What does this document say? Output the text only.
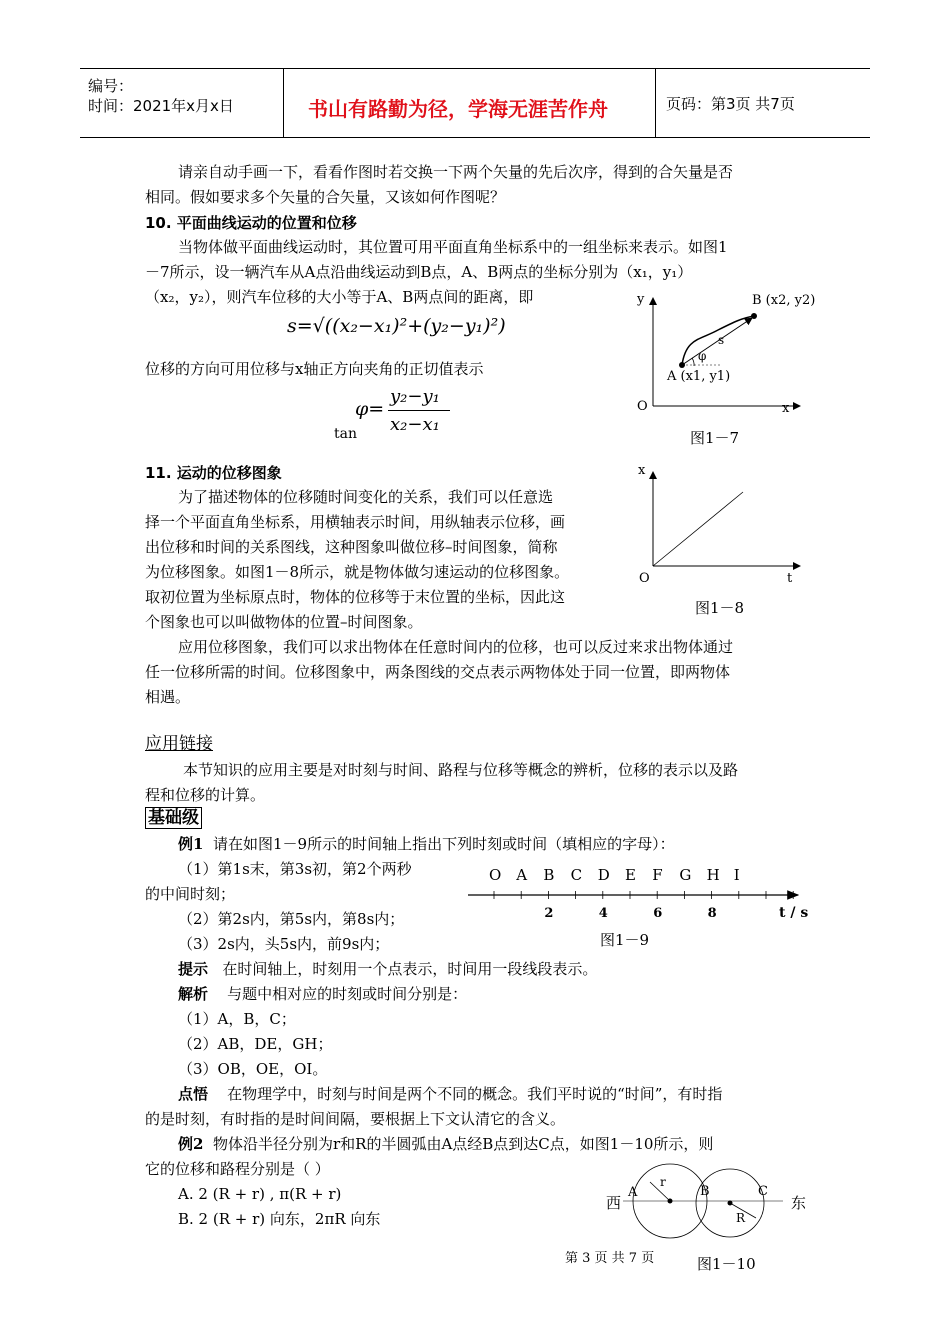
编号：
时间：2021年x月x日	书山有路勤为径，学海无涯苦作舟	页码：第3页 共7页
请亲自动手画一下，看看作图时若交换一下两个矢量的先后次序，得到的合矢量是否
相同。假如要求多个矢量的合矢量，又该如何作图呢？
10. 平面曲线运动的位置和位移
当物体做平面曲线运动时，其位置可用平面直角坐标系中的一组坐标来表示。如图1
－7所示，设一辆汽车从A点沿曲线运动到B点，A、B两点的坐标分别为（x₁，y₁）
（x₂，y₂），则汽车位移的大小等于A、B两点间的距离，即
s=√((x₂−x₁)²+(y₂−y₁)²)
位移的方向可用位移与x轴正方向夹角的正切值表示
tan
φ=
y₂−y₁
x₂−x₁
y
x
O
B (x2, y2)
A (x1, y1)
s
φ
图1－7
11. 运动的位移图象
为了描述物体的位移随时间变化的关系，我们可以任意选
择一个平面直角坐标系，用横轴表示时间，用纵轴表示位移，画
出位移和时间的关系图线，这种图象叫做位移–时间图象，简称
为位移图象。如图1－8所示，就是物体做匀速运动的位移图象。
取初位置为坐标原点时，物体的位移等于末位置的坐标，因此这
个图象也可以叫做物体的位置–时间图象。
应用位移图象，我们可以求出物体在任意时间内的位移，也可以反过来求出物体通过
任一位移所需的时间。位移图象中，两条图线的交点表示两物体处于同一位置，即两物体
相遇。
x
t
O
图1－8
应用链接
本节知识的应用主要是对时刻与时间、路程与位移等概念的辨析，位移的表示以及路
程和位移的计算。
基础级
例1 请在如图1－9所示的时间轴上指出下列时刻或时间（填相应的字母）：
（1）第1s末，第3s初，第2个两秒
的中间时刻；
（2）第2s内，第5s内，第8s内；
（3）2s内，头5s内，前9s内；
t / s
O A B C D E F G H I
2	4	6	8
图1－9
提示 在时间轴上，时刻用一个点表示，时间用一段线段表示。
解析 与题中相对应的时刻或时间分别是：
（1）A，B，C；
（2）AB，DE，GH；
（3）OB，OE，OI。
点悟 在物理学中，时刻与时间是两个不同的概念。我们平时说的“时间”，有时指
的是时刻，有时指的是时间间隔，要根据上下文认清它的含义。
例2 物体沿半径分别为r和R的半圆弧由A点经B点到达C点，如图1－10所示，则
它的位移和路程分别是（ ）
A. 2 (R + r) , π(R + r)
B. 2 (R + r) 向东，2πR 向东
西	东
A	B	C
r
R
图1－10
第 3 页 共 7 页
